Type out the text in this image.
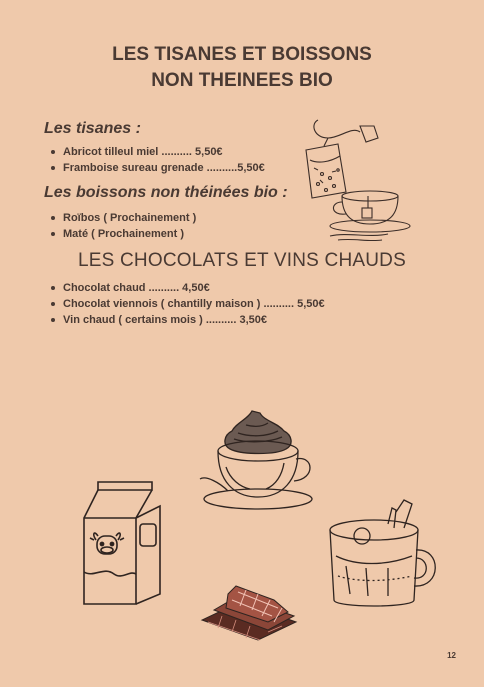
LES TISANES ET BOISSONS
NON THEINEES BIO
Les tisanes :
Abricot tilleul miel .......... 5,50€
Framboise sureau grenade ..........5,50€
Les boissons non théinées bio :
Roïbos ( Prochainement )
Maté ( Prochainement )
LES CHOCOLATS ET VINS CHAUDS
Chocolat chaud .......... 4,50€
Chocolat viennois ( chantilly maison ) .......... 5,50€
Vin chaud ( certains mois ) .......... 3,50€
12
